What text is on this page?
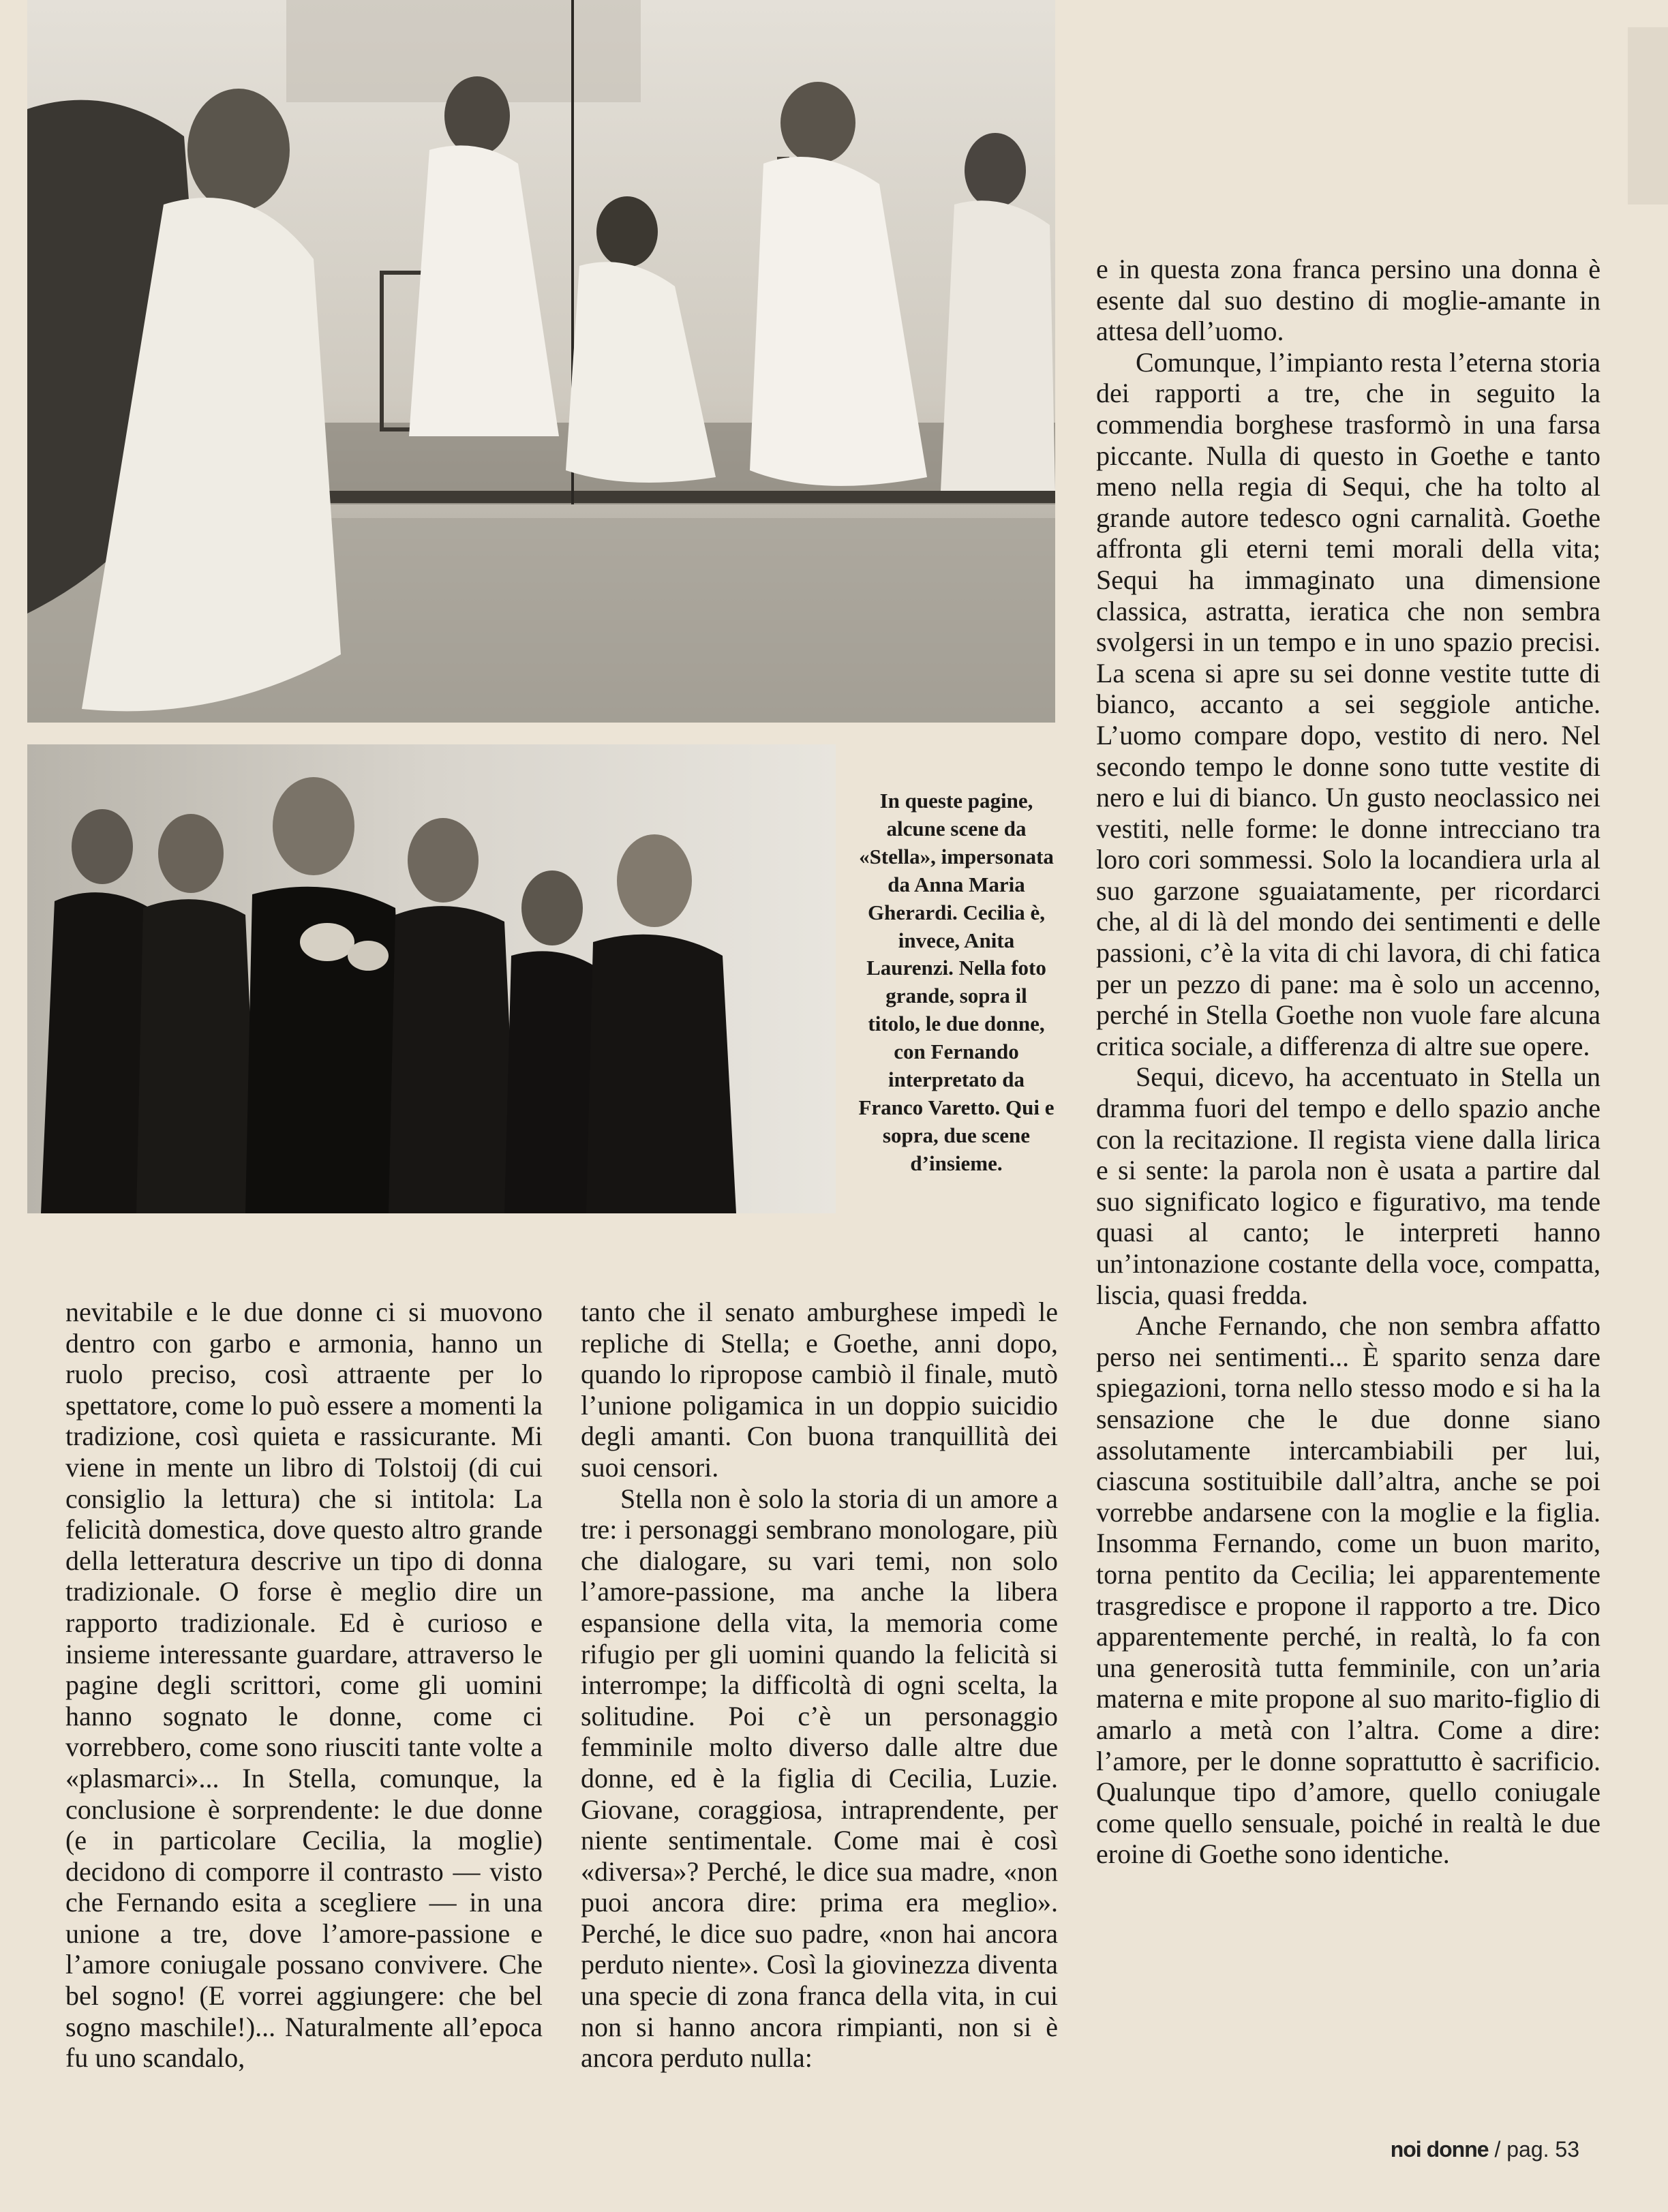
In queste pagine, alcune scene da «Stella», impersonata da Anna Maria Gherardi. Cecilia è, invece, Anita Laurenzi. Nella foto grande, sopra il titolo, le due donne, con Fernando interpretato da Franco Varetto. Qui e sopra, due scene d’insieme.

e in questa zona franca persino una donna è esente dal suo destino di moglie-amante in attesa dell’uomo.

Comunque, l’impianto resta l’eterna storia dei rapporti a tre, che in seguito la commendia borghese trasformò in una farsa piccante. Nulla di questo in Goethe e tanto meno nella regia di Sequi, che ha tolto al grande autore tedesco ogni carnalità. Goethe affronta gli eterni temi morali della vita; Sequi ha immaginato una dimensione classica, astratta, ieratica che non sembra svolgersi in un tempo e in uno spazio precisi. La scena si apre su sei donne vestite tutte di bianco, accanto a sei seggiole antiche. L’uomo compare dopo, vestito di nero. Nel secondo tempo le donne sono tutte vestite di nero e lui di bianco. Un gusto neoclassico nei vestiti, nelle forme: le donne intrecciano tra loro cori sommessi. Solo la locandiera urla al suo garzone sguaiatamente, per ricordarci che, al di là del mondo dei sentimenti e delle passioni, c’è la vita di chi lavora, di chi fatica per un pezzo di pane: ma è solo un accenno, perché in Stella Goethe non vuole fare alcuna critica sociale, a differenza di altre sue opere.

Sequi, dicevo, ha accentuato in Stella un dramma fuori del tempo e dello spazio anche con la recitazione. Il regista viene dalla lirica e si sente: la parola non è usata a partire dal suo significato logico e figurativo, ma tende quasi al canto; le interpreti hanno un’intonazione costante della voce, compatta, liscia, quasi fredda.

Anche Fernando, che non sembra affatto perso nei sentimenti... È sparito senza dare spiegazioni, torna nello stesso modo e si ha la sensazione che le due donne siano assolutamente intercambiabili per lui, ciascuna sostituibile dall’altra, anche se poi vorrebbe andarsene con la moglie e la figlia. Insomma Fernando, come un buon marito, torna pentito da Cecilia; lei apparentemente trasgredisce e propone il rapporto a tre. Dico apparentemente perché, in realtà, lo fa con una generosità tutta femminile, con un’aria materna e mite propone al suo marito-figlio di amarlo a metà con l’altra. Come a dire: l’amore, per le donne soprattutto è sacrificio. Qualunque tipo d’amore, quello coniugale come quello sensuale, poiché in realtà le due eroine di Goethe sono identiche.

nevitabile e le due donne ci si muovono dentro con garbo e armonia, hanno un ruolo preciso, così attraente per lo spettatore, come lo può essere a momenti la tradizione, così quieta e rassicurante. Mi viene in mente un libro di Tolstoij (di cui consiglio la lettura) che si intitola: La felicità domestica, dove questo altro grande della letteratura descrive un tipo di donna tradizionale. O forse è meglio dire un rapporto tradizionale. Ed è curioso e insieme interessante guardare, attraverso le pagine degli scrittori, come gli uomini hanno sognato le donne, come ci vorrebbero, come sono riusciti tante volte a «plasmarci»... In Stella, comunque, la conclusione è sorprendente: le due donne (e in particolare Cecilia, la moglie) decidono di comporre il contrasto — visto che Fernando esita a scegliere — in una unione a tre, dove l’amore-passione e l’amore coniugale possano convivere. Che bel sogno! (E vorrei aggiungere: che bel sogno maschile!)... Naturalmente all’epoca fu uno scandalo,

tanto che il senato amburghese impedì le repliche di Stella; e Goethe, anni dopo, quando lo ripropose cambiò il finale, mutò l’unione poligamica in un doppio suicidio degli amanti. Con buona tranquillità dei suoi censori.

Stella non è solo la storia di un amore a tre: i personaggi sembrano monologare, più che dialogare, su vari temi, non solo l’amore-passione, ma anche la libera espansione della vita, la memoria come rifugio per gli uomini quando la felicità si interrompe; la difficoltà di ogni scelta, la solitudine. Poi c’è un personaggio femminile molto diverso dalle altre due donne, ed è la figlia di Cecilia, Luzie. Giovane, coraggiosa, intraprendente, per niente sentimentale. Come mai è così «diversa»? Perché, le dice sua madre, «non puoi ancora dire: prima era meglio». Perché, le dice suo padre, «non hai ancora perduto niente». Così la giovinezza diventa una specie di zona franca della vita, in cui non si hanno ancora rimpianti, non si è ancora perduto nulla:

noi donne / pag. 53
